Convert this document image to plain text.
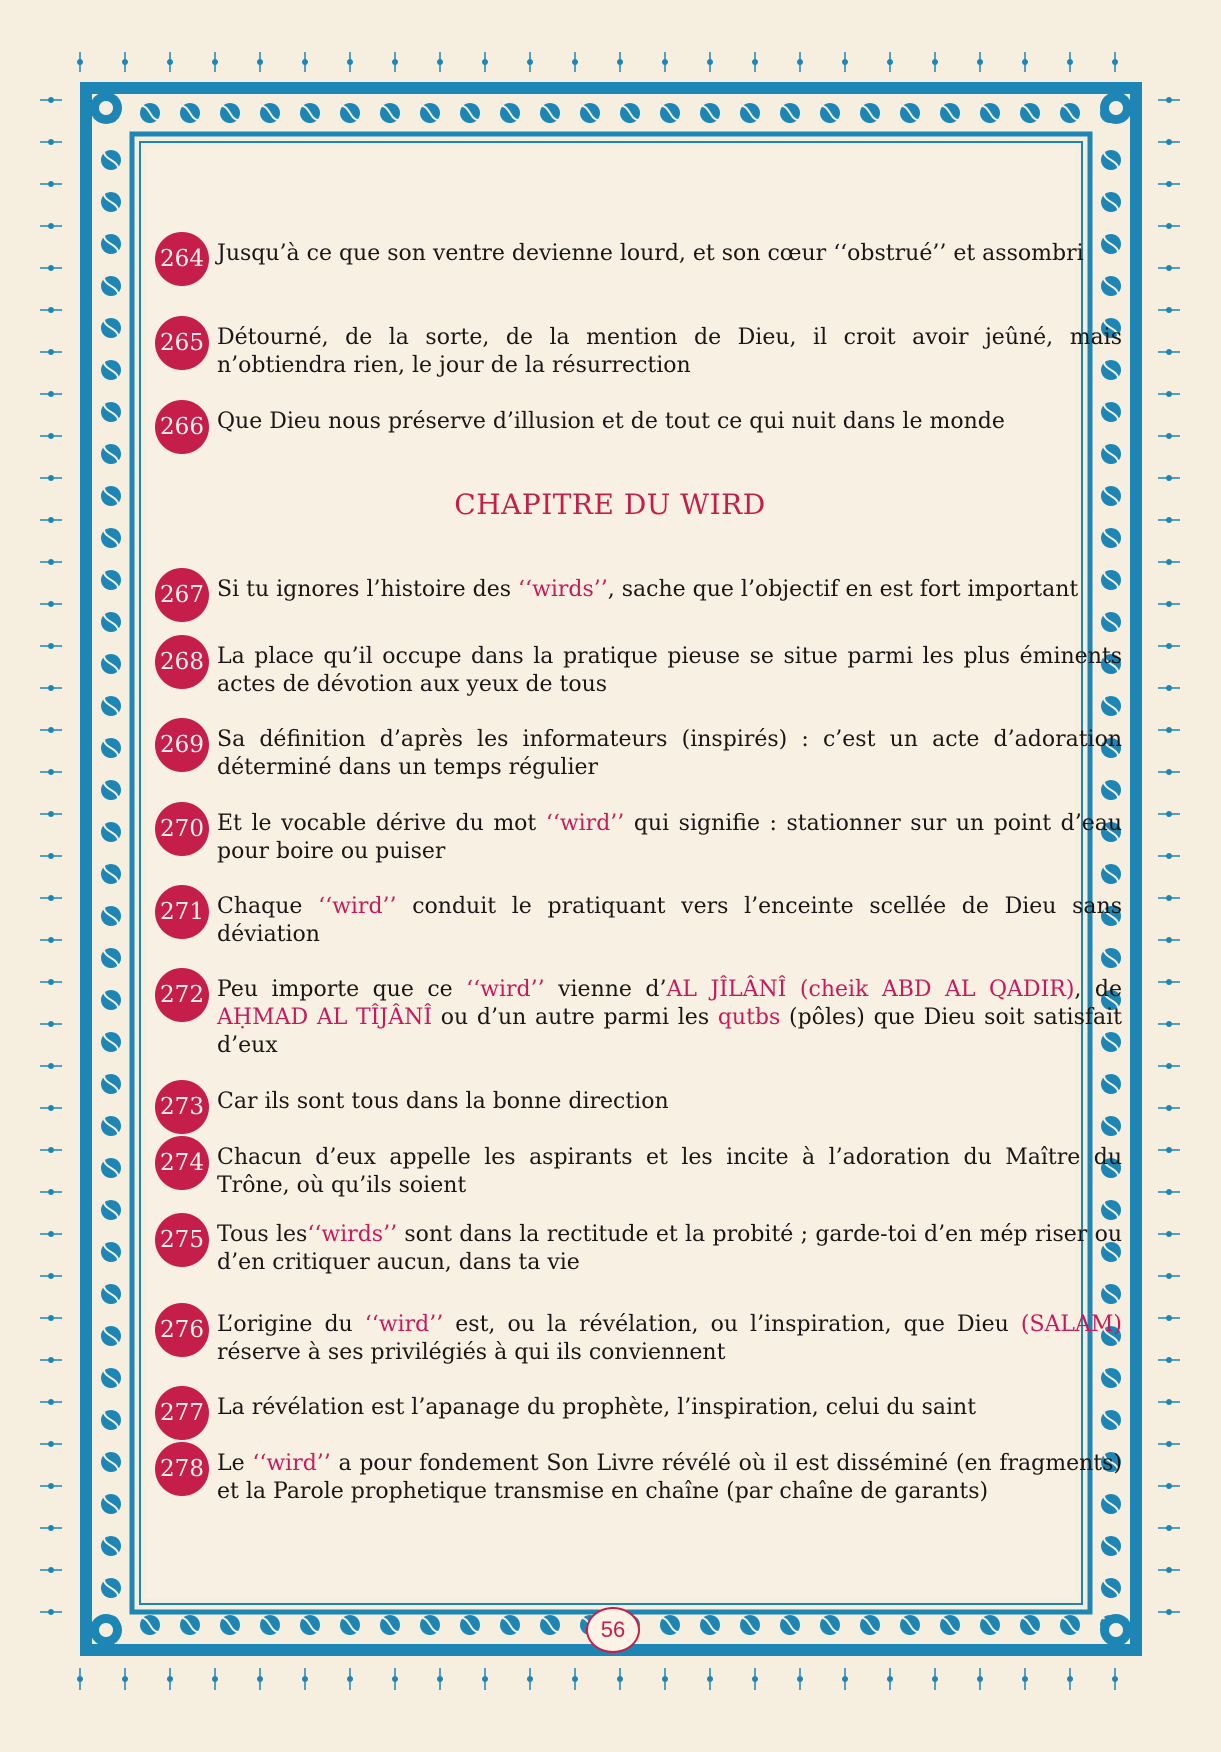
264 Jusqu’à ce que son ventre devienne lourd, et son cœur ‘‘obstrué’’ et assombri
265 Détourné, de la sorte, de la mention de Dieu, il croit avoir jeûné, mais n’obtiendra rien, le jour de la résurrection
266 Que Dieu nous préserve d’illusion et de tout ce qui nuit dans le monde
267 Si tu ignores l’histoire des ‘‘wirds’’, sache que l’objectif en est fort important
268 La place qu’il occupe dans la pratique pieuse se situe parmi les plus éminents actes de dévotion aux yeux de tous
269 Sa définition d’après les informateurs (inspirés) : c’est un acte d’adoration déterminé dans un temps régulier
270 Et le vocable dérive du mot ‘‘wird’’ qui signifie : stationner sur un point d’eau pour boire ou puiser
271 Chaque ‘‘wird’’ conduit le pratiquant vers l’enceinte scellée de Dieu sans déviation
272 Peu importe que ce ‘‘wird’’ vienne d’AL JÎLÂNÎ (cheik ABD AL QADIR), de AḤMAD AL TÎJÂNÎ ou d’un autre parmi les qutbs (pôles) que Dieu soit satisfait d’eux
273 Car ils sont tous dans la bonne direction
274 Chacun d’eux appelle les aspirants et les incite à l’adoration du Maître du Trône, où qu’ils soient
275 Tous les‘‘wirds’’ sont dans la rectitude et la probité ; garde-toi d’en mép riser ou d’en critiquer aucun, dans ta vie
276 L’origine du ‘‘wird’’ est, ou la révélation, ou l’inspiration, que Dieu (SALAM) réserve à ses privilégiés à qui ils conviennent
277 La révélation est l’apanage du prophète, l’inspiration, celui du saint
278 Le ‘‘wird’’ a pour fondement Son Livre révélé où il est disséminé (en fragments) et la Parole prophetique transmise en chaîne (par chaîne de garants)
CHAPITRE DU WIRD
56
